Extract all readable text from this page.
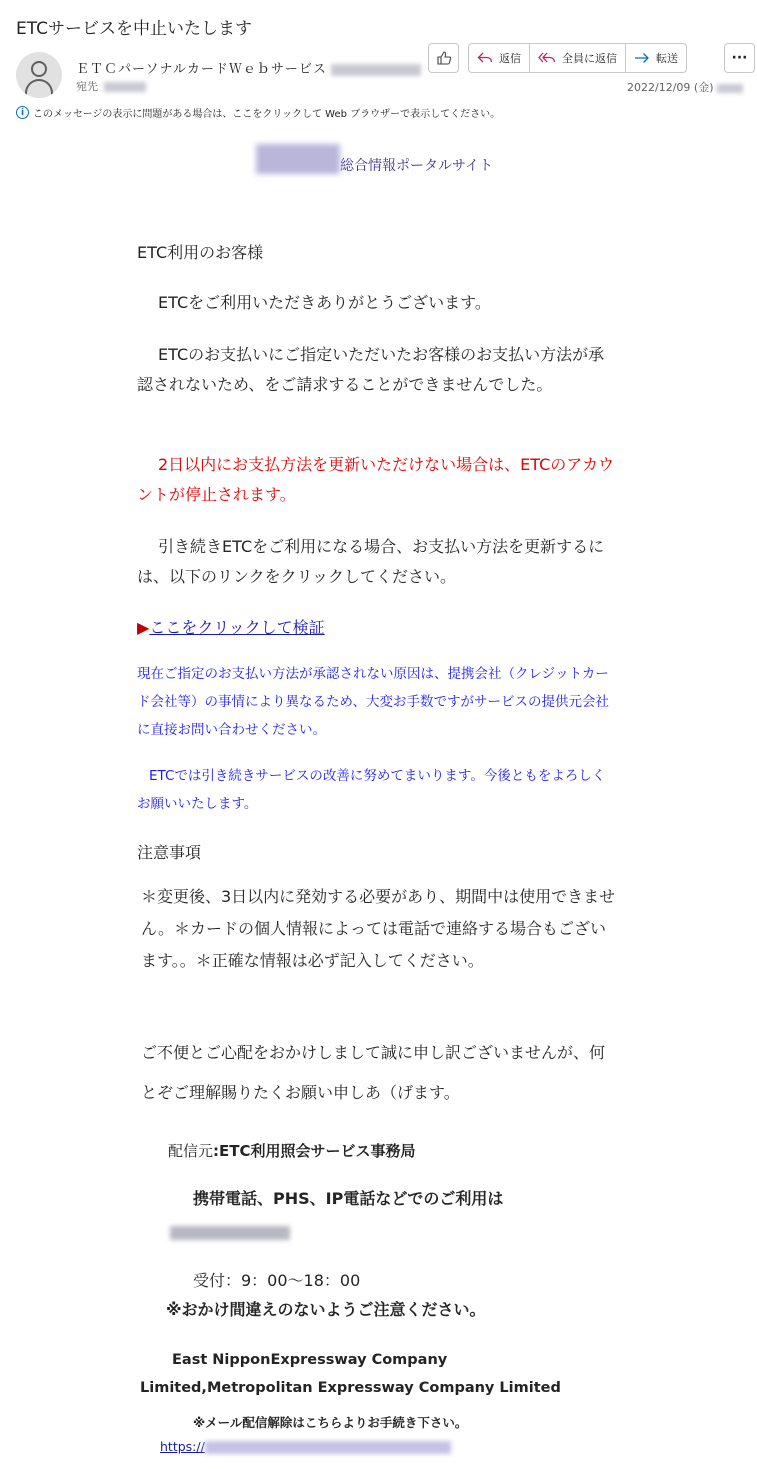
ETCサービスを中止いたします
ＥＴＣパーソナルカードＷｅｂサービス
宛先
返信	全員に返信	転送	···
2022/12/09 (金)
i このメッセージの表示に問題がある場合は、ここをクリックして Web ブラウザーで表示してください。
総合情報ポータルサイト
ETC利用のお客様
ETCをご利用いただきありがとうございます。
ETCのお支払いにご指定いただいたお客様のお支払い方法が承認されないため、をご請求することができませんでした。
2日以内にお支払方法を更新いただけない場合は、ETCのアカウントが停止されます。
引き続きETCをご利用になる場合、お支払い方法を更新するには、以下のリンクをクリックしてください。
▶ここをクリックして検証
現在ご指定のお支払い方法が承認されない原因は、提携会社（クレジットカード会社等）の事情により異なるため、大変お手数ですがサービスの提供元会社に直接お問い合わせください。
ETCでは引き続きサービスの改善に努めてまいります。今後ともをよろしくお願いいたします。
注意事項
＊変更後、3日以内に発効する必要があり、期間中は使用できません。＊カードの個人情報によっては電話で連絡する場合もございます。。＊正確な情報は必ず記入してください。
ご不便とご心配をおかけしまして誠に申し訳ございませんが、何とぞご理解賜りたくお願い申しあ（げます。
配信元:ETC利用照会サービス事務局
携帯電話、PHS、IP電話などでのご利用は
受付：9：00～18：00
※おかけ間違えのないようご注意ください。
East NipponExpressway Company Limited,Metropolitan Expressway Company Limited
※メール配信解除はこちらよりお手続き下さい。
https://
